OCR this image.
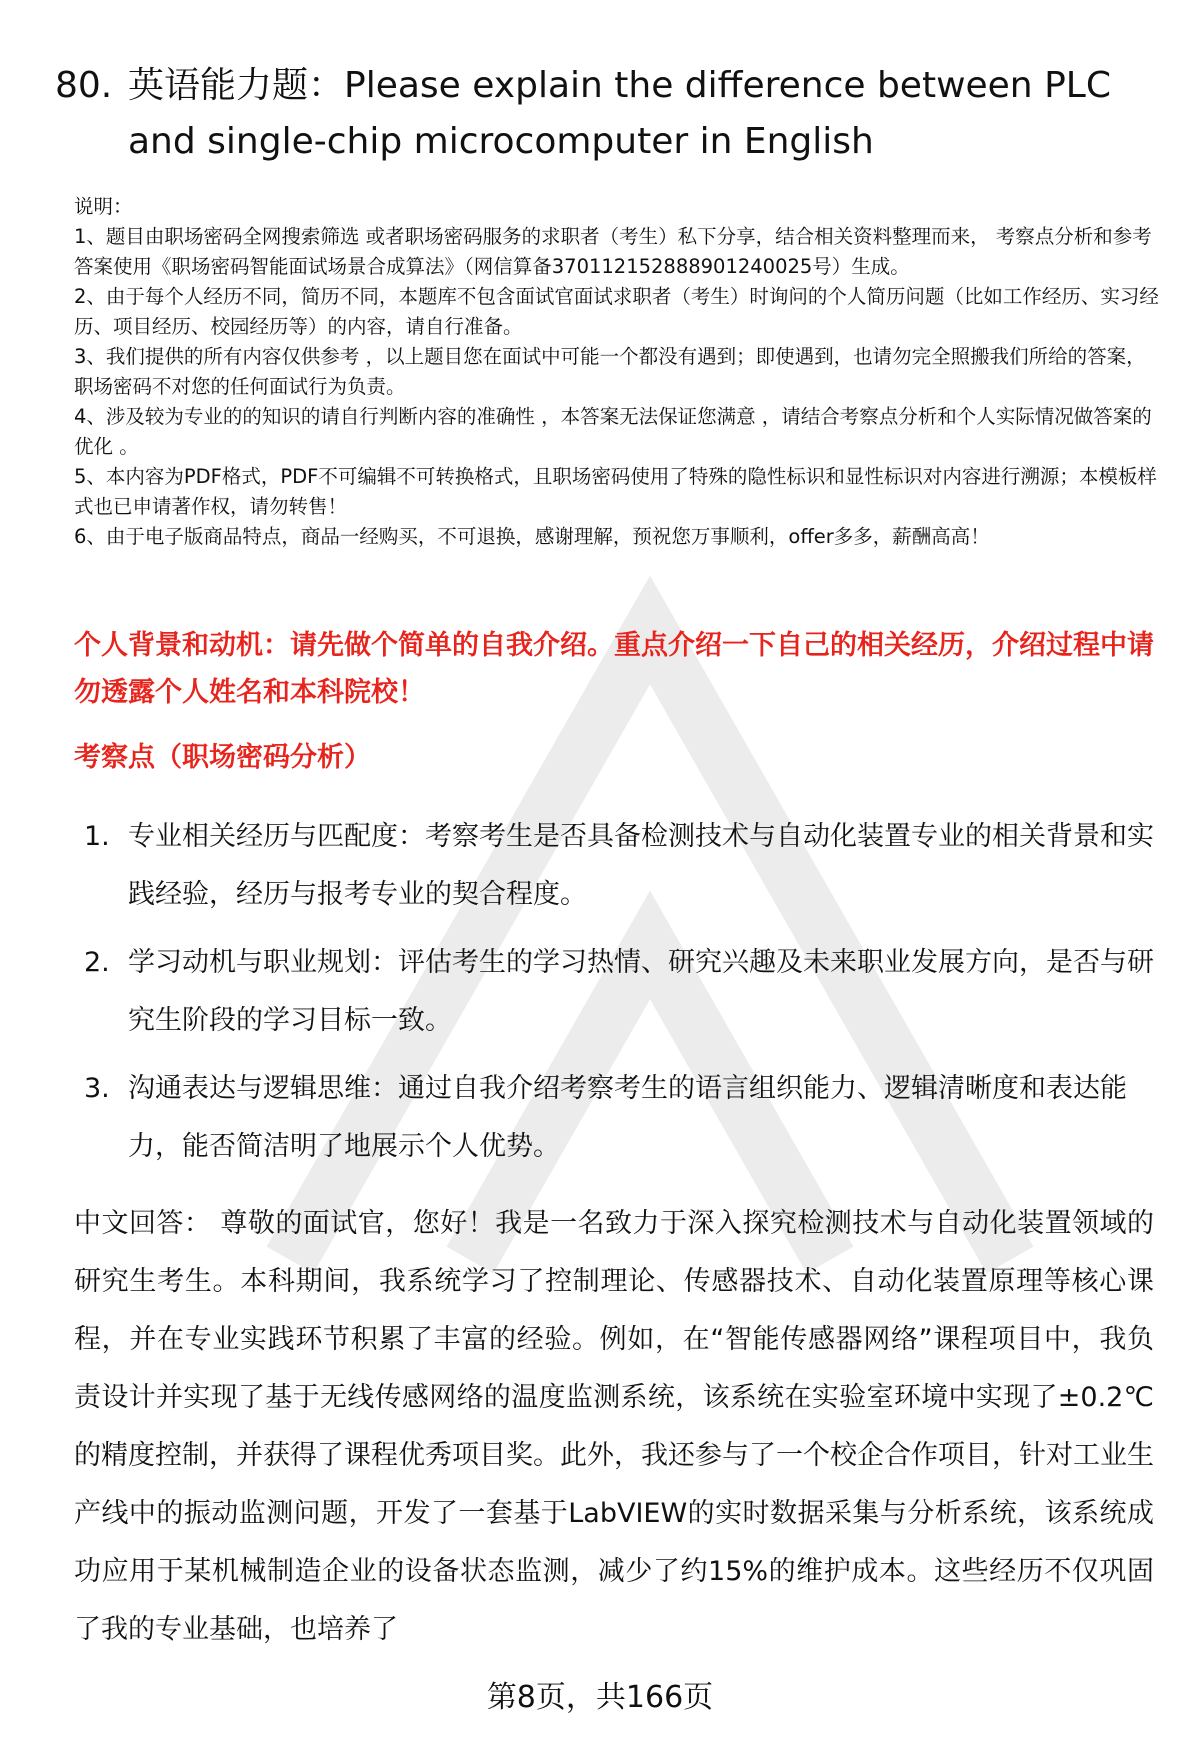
80. 英语能力题：Please explain the difference between PLC and single-chip microcomputer in English
说明：
1、题目由职场密码全网搜索筛选 或者职场密码服务的求职者（考生）私下分享，结合相关资料整理而来， 考察点分析和参考答案使用《职场密码智能面试场景合成算法》（网信算备370112152888901240025号）生成。
2、由于每个人经历不同，简历不同，本题库不包含面试官面试求职者（考生）时询问的个人简历问题（比如工作经历、实习经历、项目经历、校园经历等）的内容，请自行准备。
3、我们提供的所有内容仅供参考 ，以上题目您在面试中可能一个都没有遇到；即使遇到，也请勿完全照搬我们所给的答案，职场密码不对您的任何面试行为负责。
4、涉及较为专业的的知识的请自行判断内容的准确性 ，本答案无法保证您满意 ，请结合考察点分析和个人实际情况做答案的优化 。
5、本内容为PDF格式，PDF不可编辑不可转换格式，且职场密码使用了特殊的隐性标识和显性标识对内容进行溯源；本模板样式也已申请著作权，请勿转售！
6、由于电子版商品特点，商品一经购买，不可退换，感谢理解，预祝您万事顺利，offer多多，薪酬高高！
个人背景和动机：请先做个简单的自我介绍。重点介绍一下自己的相关经历，介绍过程中请勿透露个人姓名和本科院校！
考察点（职场密码分析）
1. 专业相关经历与匹配度：考察考生是否具备检测技术与自动化装置专业的相关背景和实践经验，经历与报考专业的契合程度。
2. 学习动机与职业规划：评估考生的学习热情、研究兴趣及未来职业发展方向，是否与研究生阶段的学习目标一致。
3. 沟通表达与逻辑思维：通过自我介绍考察考生的语言组织能力、逻辑清晰度和表达能力，能否简洁明了地展示个人优势。
中文回答： 尊敬的面试官，您好！我是一名致力于深入探究检测技术与自动化装置领域的研究生考生。本科期间，我系统学习了控制理论、传感器技术、自动化装置原理等核心课程，并在专业实践环节积累了丰富的经验。例如，在“智能传感器网络”课程项目中，我负责设计并实现了基于无线传感网络的温度监测系统，该系统在实验室环境中实现了±0.2℃的精度控制，并获得了课程优秀项目奖。此外，我还参与了一个校企合作项目，针对工业生产线中的振动监测问题，开发了一套基于LabVIEW的实时数据采集与分析系统，该系统成功应用于某机械制造企业的设备状态监测，减少了约15%的维护成本。这些经历不仅巩固了我的专业基础，也培养了
第8页，共166页
